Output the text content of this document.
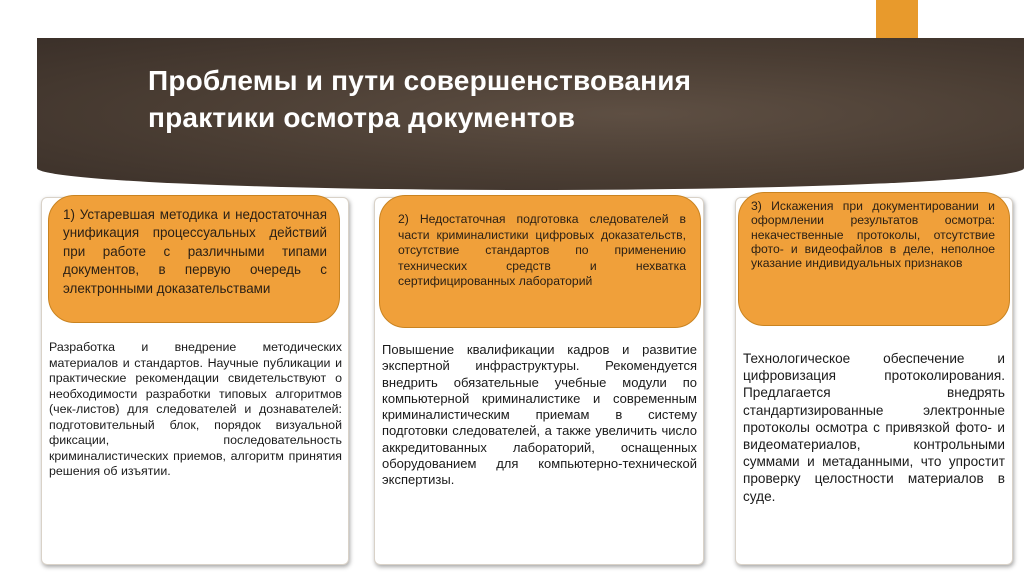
Проблемы и пути совершенствования
практики осмотра документов
1) Устаревшая методика и недостаточная унификация процессуальных действий при работе с различными типами документов, в первую очередь с электронными доказательствами
2) Недостаточная подготовка следователей в части криминалистики цифровых доказательств, отсутствие стандартов по применению технических средств и нехватка сертифицированных лабораторий
3) Искажения при документировании и оформлении результатов осмотра: некачественные протоколы, отсутствие фото- и видеофайлов в деле, неполное указание индивидуальных признаков
Разработка и внедрение методических материалов и стандартов. Научные публикации и практические рекомендации свидетельствуют о необходимости разработки типовых алгоритмов (чек-листов) для следователей и дознавателей: подготовительный блок, порядок визуальной фиксации, последовательность криминалистических приемов, алгоритм принятия решения об изъятии.
Повышение квалификации кадров и развитие экспертной инфраструктуры. Рекомендуется внедрить обязательные учебные модули по компьютерной криминалистике и современным криминалистическим приемам в систему подготовки следователей, а также увеличить число аккредитованных лабораторий, оснащенных оборудованием для компьютерно-технической экспертизы.
Технологическое обеспечение и цифровизация протоколирования. Предлагается внедрять стандартизированные электронные протоколы осмотра с привязкой фото- и видеоматериалов, контрольными суммами и метаданными, что упростит проверку целостности материалов в суде.
